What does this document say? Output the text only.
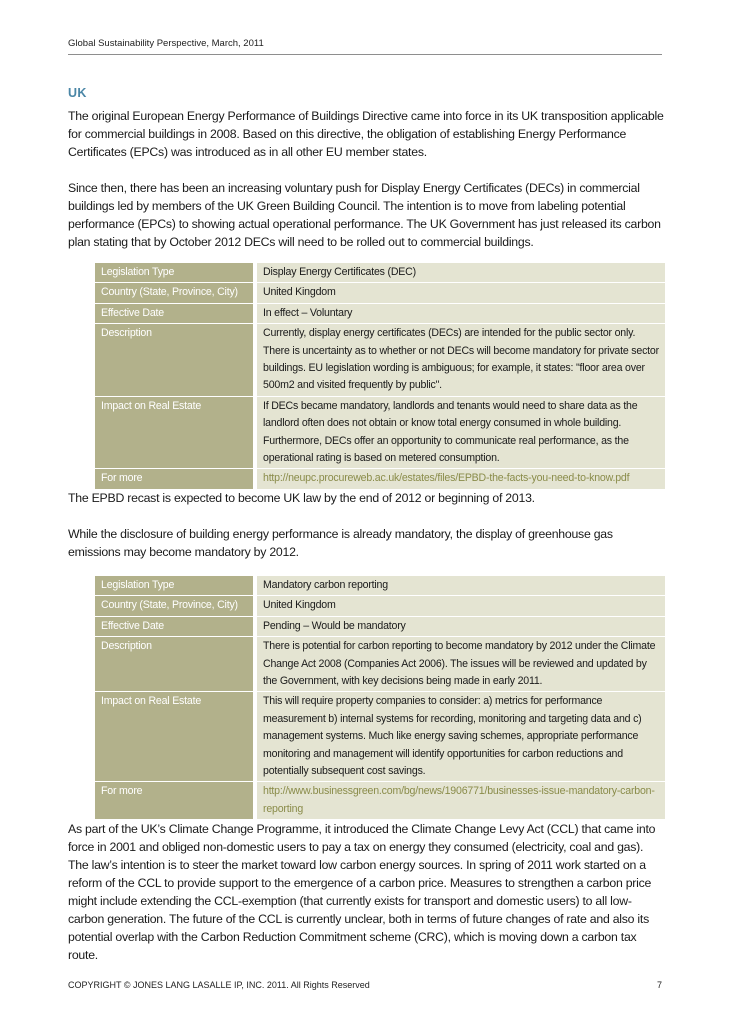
Global Sustainability Perspective, March, 2011
UK

The original European Energy Performance of Buildings Directive came into force in its UK transposition applicable for commercial buildings in 2008. Based on this directive, the obligation of establishing Energy Performance Certificates (EPCs) was introduced as in all other EU member states.

Since then, there has been an increasing voluntary push for Display Energy Certificates (DECs) in commercial buildings led by members of the UK Green Building Council. The intention is to move from labeling potential performance (EPCs) to showing actual operational performance. The UK Government has just released its carbon plan stating that by October 2012 DECs will need to be rolled out to commercial buildings.

Legislation Type	Display Energy Certificates (DEC)
Country (State, Province, City)	United Kingdom
Effective Date	In effect – Voluntary
Description	Currently, display energy certificates (DECs) are intended for the public sector only. There is uncertainty as to whether or not DECs will become mandatory for private sector buildings. EU legislation wording is ambiguous; for example, it states: "floor area over 500m2 and visited frequently by public".
Impact on Real Estate	If DECs became mandatory, landlords and tenants would need to share data as the landlord often does not obtain or know total energy consumed in whole building. Furthermore, DECs offer an opportunity to communicate real performance, as the operational rating is based on metered consumption.
For more	http://neupc.procureweb.ac.uk/estates/files/EPBD-the-facts-you-need-to-know.pdf

The EPBD recast is expected to become UK law by the end of 2012 or beginning of 2013.

While the disclosure of building energy performance is already mandatory, the display of greenhouse gas emissions may become mandatory by 2012.

Legislation Type	Mandatory carbon reporting
Country (State, Province, City)	United Kingdom
Effective Date	Pending – Would be mandatory
Description	There is potential for carbon reporting to become mandatory by 2012 under the Climate Change Act 2008 (Companies Act 2006). The issues will be reviewed and updated by the Government, with key decisions being made in early 2011.
Impact on Real Estate	This will require property companies to consider: a) metrics for performance measurement b) internal systems for recording, monitoring and targeting data and c) management systems. Much like energy saving schemes, appropriate performance monitoring and management will identify opportunities for carbon reductions and potentially subsequent cost savings.
For more	http://www.businessgreen.com/bg/news/1906771/businesses-issue-mandatory-carbon-reporting

As part of the UK’s Climate Change Programme, it introduced the Climate Change Levy Act (CCL) that came into force in 2001 and obliged non-domestic users to pay a tax on energy they consumed (electricity, coal and gas). The law’s intention is to steer the market toward low carbon energy sources. In spring of 2011 work started on a reform of the CCL to provide support to the emergence of a carbon price. Measures to strengthen a carbon price might include extending the CCL-exemption (that currently exists for transport and domestic users) to all low-carbon generation. The future of the CCL is currently unclear, both in terms of future changes of rate and also its potential overlap with the Carbon Reduction Commitment scheme (CRC), which is moving down a carbon tax route.

COPYRIGHT © JONES LANG LASALLE IP, INC. 2011. All Rights Reserved	7
